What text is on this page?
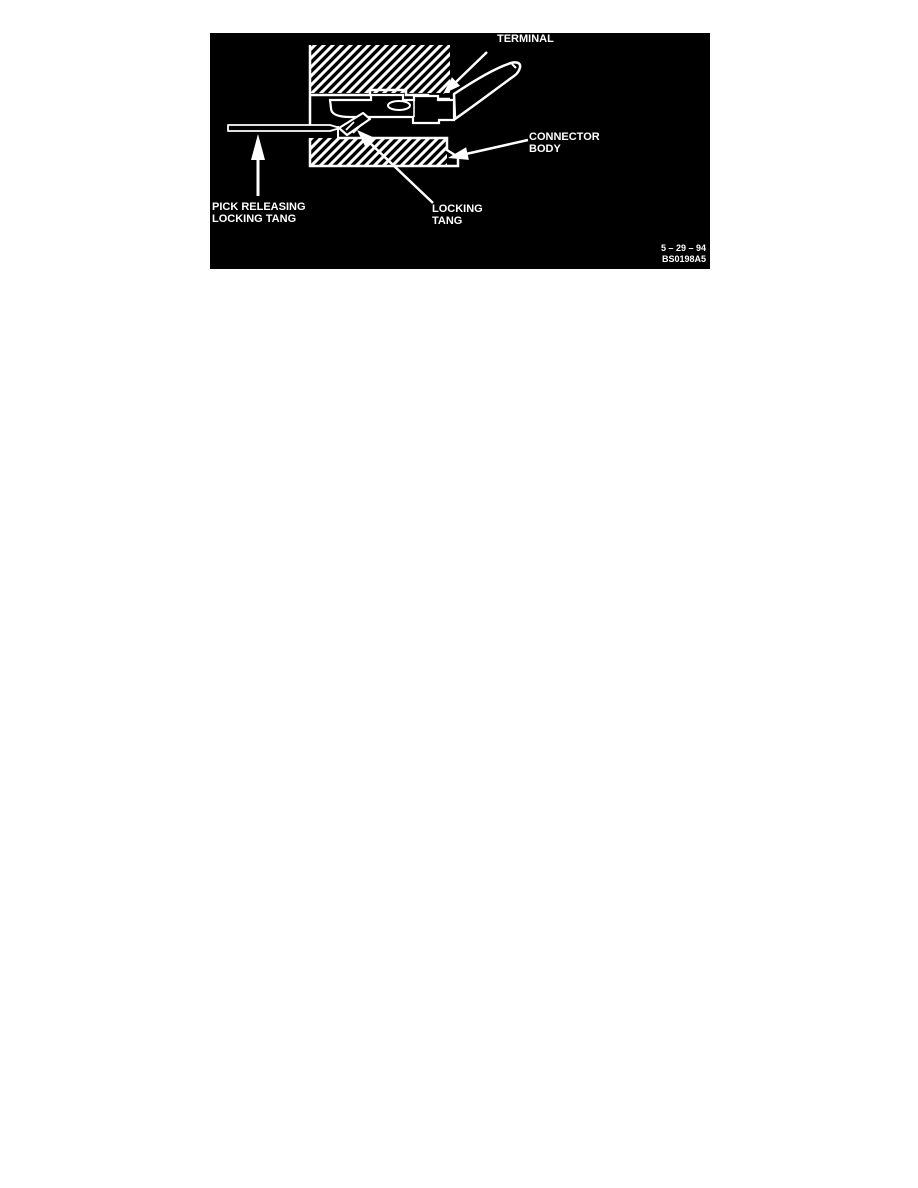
TERMINAL
CONNECTOR
BODY
PICK RELEASING
LOCKING TANG
LOCKING
TANG
5 – 29 – 94
BS0198A5
